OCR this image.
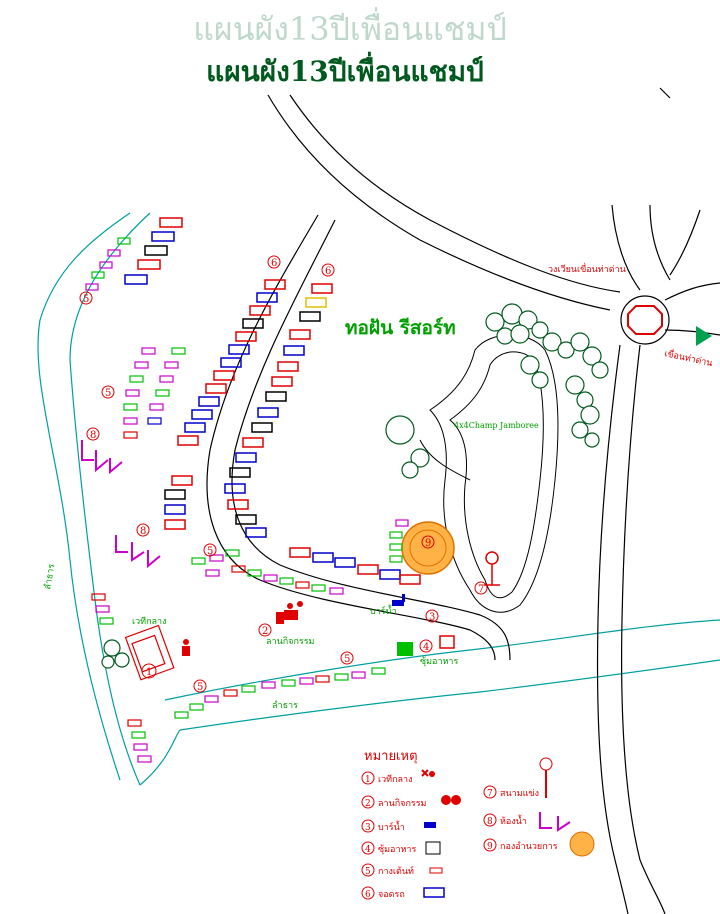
แผนผัง13ปีเพื่อนแชมป์
แผนผัง13ปีเพื่อนแชมป์
ทอฝัน รีสอร์ท
วงเวียนเขื่อนท่าด่าน
เขื่อนท่าด่าน
4x4Champ Jamboree
ลำธาร
ลำธาร
เวทีกลาง
ลานกิจกรรม
บาร์น้ำ
ซุ้มอาหาร
5
5
5
5
5
6
6
8
8
1
2
3
4
7
9
หมายเหตุ
1 เวทีกลาง
2 ลานกิจกรรม
3 บาร์น้ำ
4 ซุ้มอาหาร
5 กางเต้นท์
6 จอดรถ
7 สนามแข่ง
8 ห้องน้ำ
9 กองอำนวยการ
